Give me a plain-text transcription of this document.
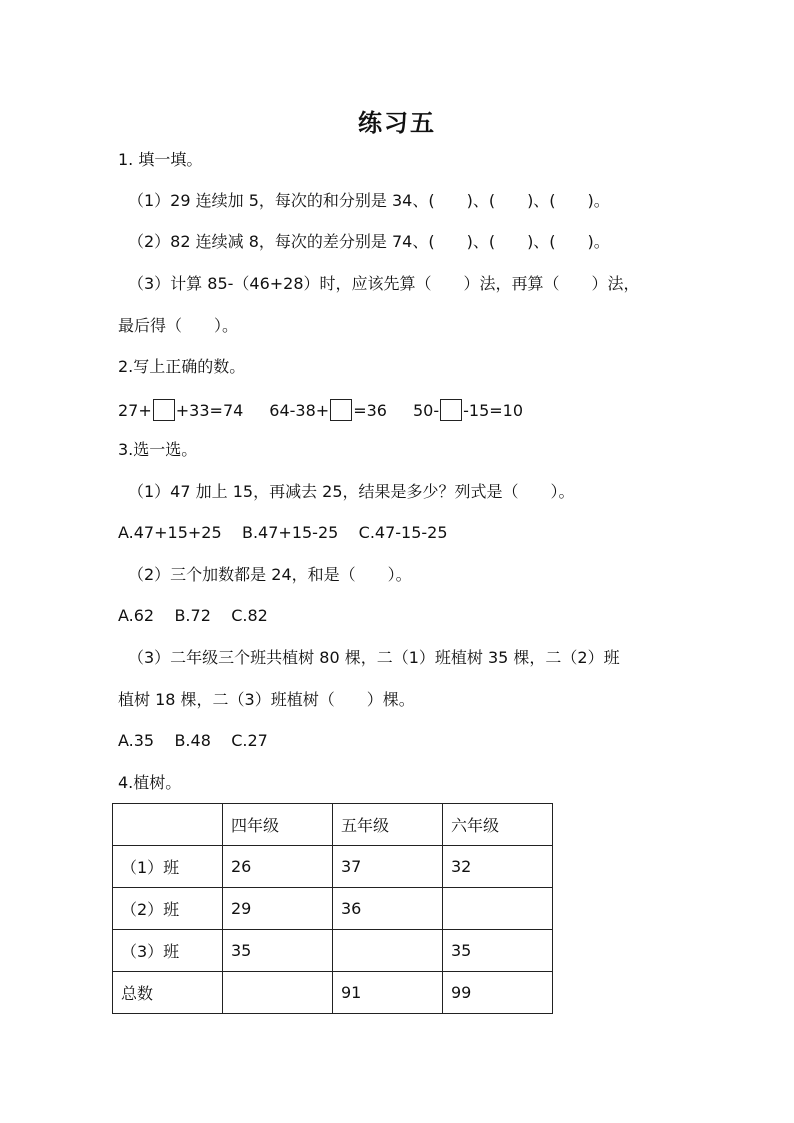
练习五
1. 填一填。
（1）29 连续加 5，每次的和分别是 34、(　　)、(　　)、(　　)。
（2）82 连续减 8，每次的差分别是 74、(　　)、(　　)、(　　)。
（3）计算 85-（46+28）时，应该先算（　　）法，再算（　　）法，
最后得（　　）。
2.写上正确的数。
27+ +33=74 64-38+ =36 50- -15=10
3.选一选。
（1）47 加上 15，再减去 25，结果是多少？列式是（　　）。
A.47+15+25    B.47+15-25    C.47-15-25
（2）三个加数都是 24，和是（　　）。
A.62    B.72    C.82
（3）二年级三个班共植树 80 棵，二（1）班植树 35 棵，二（2）班
植树 18 棵，二（3）班植树（　　）棵。
A.35    B.48    C.27
4.植树。
	四年级	五年级	六年级
（1）班	26	37	32
（2）班	29	36	
（3）班	35		35
总数		91	99
